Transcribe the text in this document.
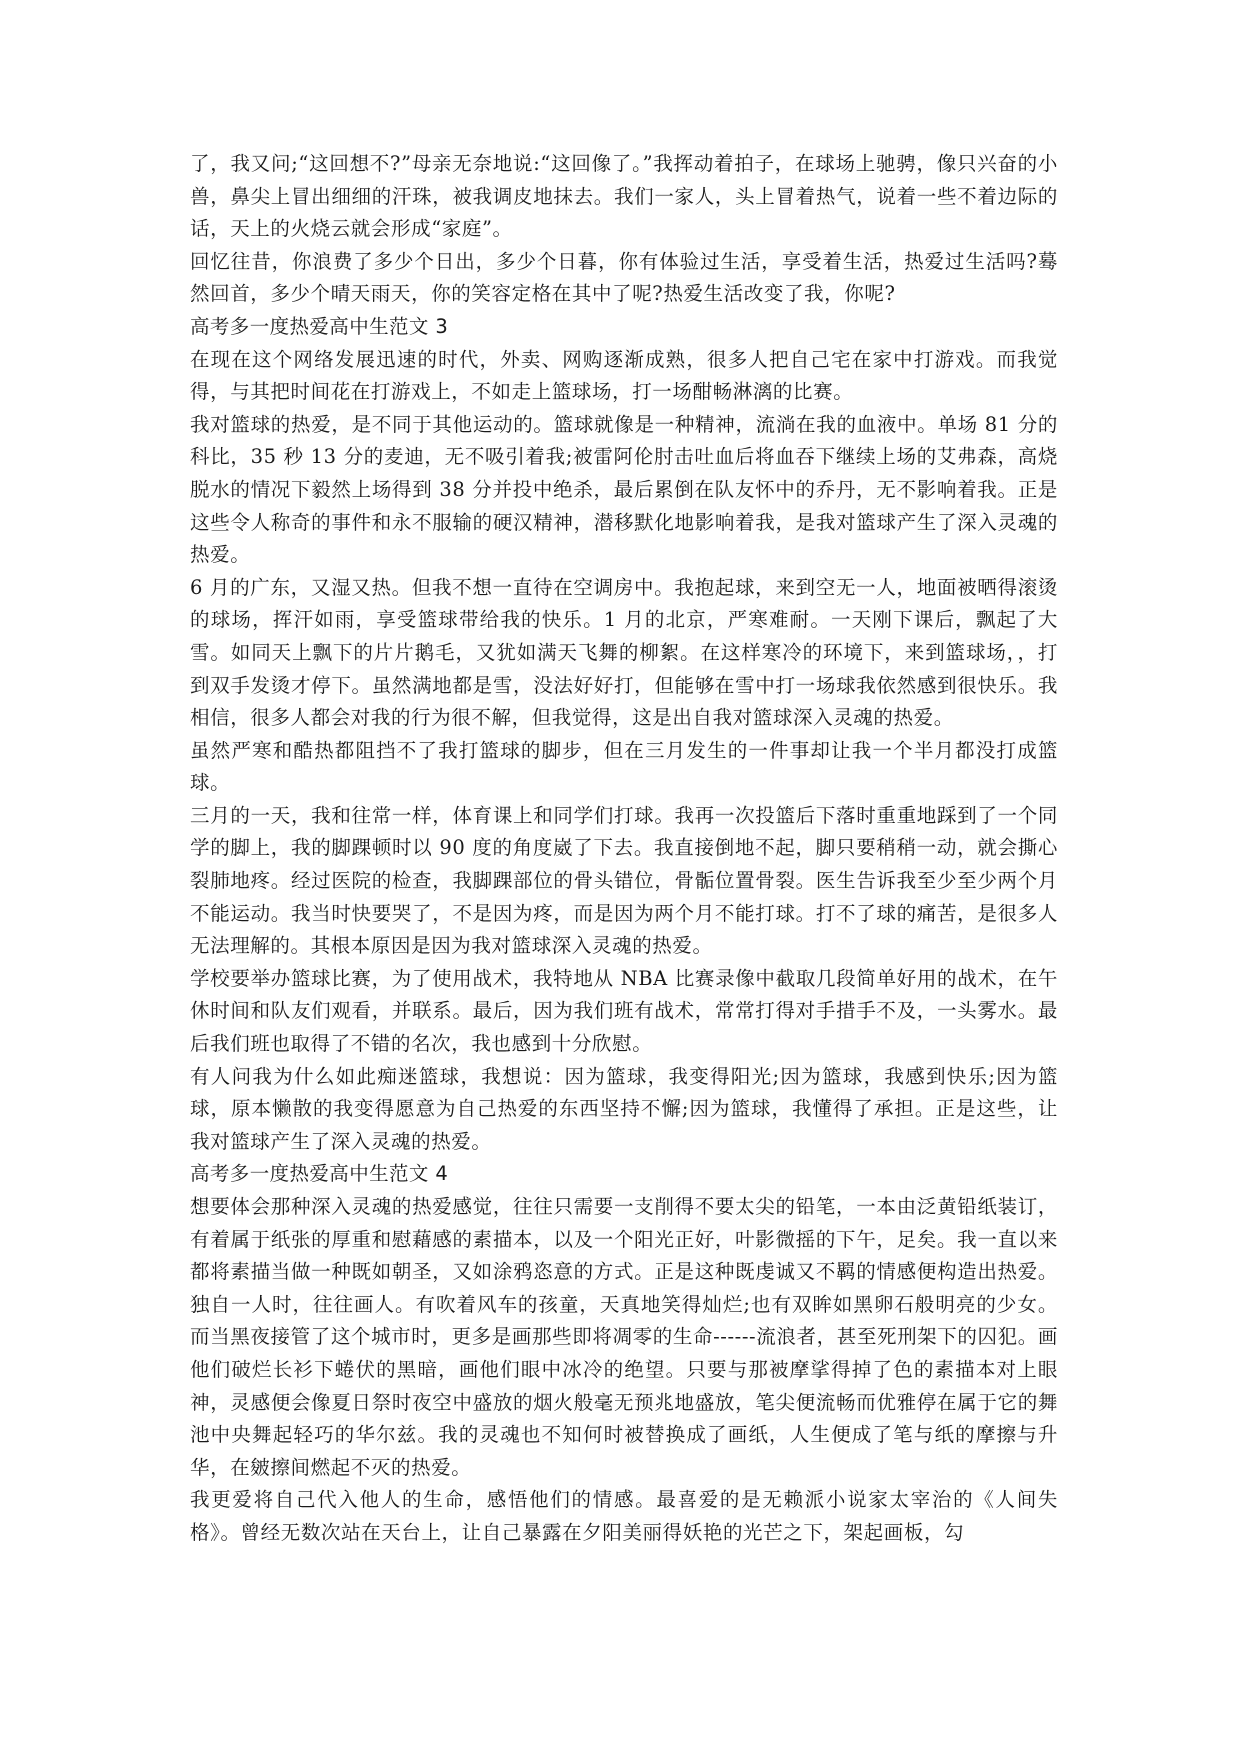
了，我又问;“这回想不?”母亲无奈地说:“这回像了。”我挥动着拍子，在球场上驰骋，像只兴奋的小兽，鼻尖上冒出细细的汗珠，被我调皮地抹去。我们一家人，头上冒着热气，说着一些不着边际的话，天上的火烧云就会形成“家庭”。

回忆往昔，你浪费了多少个日出，多少个日暮，你有体验过生活，享受着生活，热爱过生活吗?蓦然回首，多少个晴天雨天，你的笑容定格在其中了呢?热爱生活改变了我，你呢?

高考多一度热爱高中生范文 3

在现在这个网络发展迅速的时代，外卖、网购逐渐成熟，很多人把自己宅在家中打游戏。而我觉得，与其把时间花在打游戏上，不如走上篮球场，打一场酣畅淋漓的比赛。

我对篮球的热爱，是不同于其他运动的。篮球就像是一种精神，流淌在我的血液中。单场 81 分的科比，35 秒 13 分的麦迪，无不吸引着我;被雷阿伦肘击吐血后将血吞下继续上场的艾弗森，高烧脱水的情况下毅然上场得到 38 分并投中绝杀，最后累倒在队友怀中的乔丹，无不影响着我。正是这些令人称奇的事件和永不服输的硬汉精神，潜移默化地影响着我，是我对篮球产生了深入灵魂的热爱。

6 月的广东，又湿又热。但我不想一直待在空调房中。我抱起球，来到空无一人，地面被晒得滚烫的球场，挥汗如雨，享受篮球带给我的快乐。1 月的北京，严寒难耐。一天刚下课后，飘起了大雪。如同天上飘下的片片鹅毛，又犹如满天飞舞的柳絮。在这样寒冷的环境下，来到篮球场，，打到双手发烫才停下。虽然满地都是雪，没法好好打，但能够在雪中打一场球我依然感到很快乐。我相信，很多人都会对我的行为很不解，但我觉得，这是出自我对篮球深入灵魂的热爱。

虽然严寒和酷热都阻挡不了我打篮球的脚步，但在三月发生的一件事却让我一个半月都没打成篮球。

三月的一天，我和往常一样，体育课上和同学们打球。我再一次投篮后下落时重重地踩到了一个同学的脚上，我的脚踝顿时以 90 度的角度崴了下去。我直接倒地不起，脚只要稍稍一动，就会撕心裂肺地疼。经过医院的检查，我脚踝部位的骨头错位，骨骺位置骨裂。医生告诉我至少至少两个月不能运动。我当时快要哭了，不是因为疼，而是因为两个月不能打球。打不了球的痛苦，是很多人无法理解的。其根本原因是因为我对篮球深入灵魂的热爱。

学校要举办篮球比赛，为了使用战术，我特地从 NBA 比赛录像中截取几段简单好用的战术，在午休时间和队友们观看，并联系。最后，因为我们班有战术，常常打得对手措手不及，一头雾水。最后我们班也取得了不错的名次，我也感到十分欣慰。

有人问我为什么如此痴迷篮球，我想说：因为篮球，我变得阳光;因为篮球，我感到快乐;因为篮球，原本懒散的我变得愿意为自己热爱的东西坚持不懈;因为篮球，我懂得了承担。正是这些，让我对篮球产生了深入灵魂的热爱。

高考多一度热爱高中生范文 4

想要体会那种深入灵魂的热爱感觉，往往只需要一支削得不要太尖的铅笔，一本由泛黄铅纸装订，有着属于纸张的厚重和慰藉感的素描本，以及一个阳光正好，叶影微摇的下午，足矣。我一直以来都将素描当做一种既如朝圣，又如涂鸦恣意的方式。正是这种既虔诚又不羁的情感便构造出热爱。独自一人时，往往画人。有吹着风车的孩童，天真地笑得灿烂;也有双眸如黑卵石般明亮的少女。而当黑夜接管了这个城市时，更多是画那些即将凋零的生命------流浪者，甚至死刑架下的囚犯。画他们破烂长衫下蜷伏的黑暗，画他们眼中冰冷的绝望。只要与那被摩挲得掉了色的素描本对上眼神，灵感便会像夏日祭时夜空中盛放的烟火般毫无预兆地盛放，笔尖便流畅而优雅停在属于它的舞池中央舞起轻巧的华尔兹。我的灵魂也不知何时被替换成了画纸，人生便成了笔与纸的摩擦与升华，在皴擦间燃起不灭的热爱。

我更爱将自己代入他人的生命，感悟他们的情感。最喜爱的是无赖派小说家太宰治的《人间失格》。曾经无数次站在天台上，让自己暴露在夕阳美丽得妖艳的光芒之下，架起画板，勾
